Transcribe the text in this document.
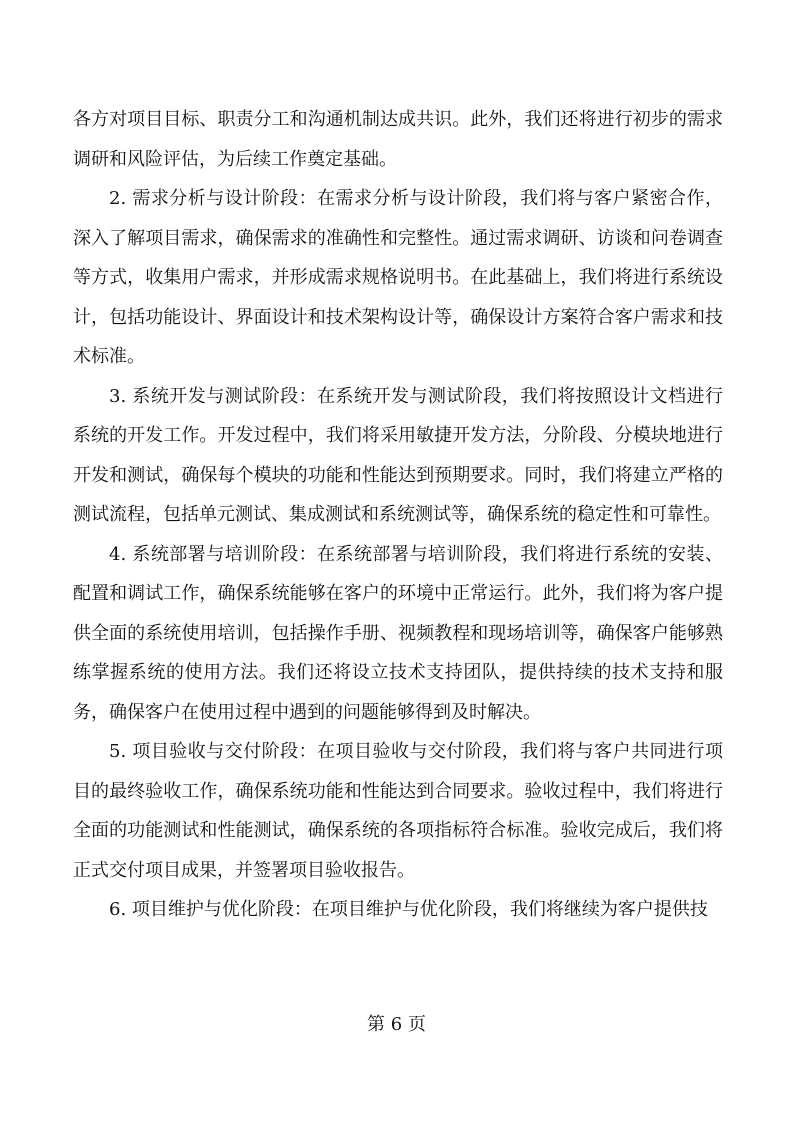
各方对项目目标、职责分工和沟通机制达成共识。此外，我们还将进行初步的需求调研和风险评估，为后续工作奠定基础。

2. 需求分析与设计阶段：在需求分析与设计阶段，我们将与客户紧密合作，深入了解项目需求，确保需求的准确性和完整性。通过需求调研、访谈和问卷调查等方式，收集用户需求，并形成需求规格说明书。在此基础上，我们将进行系统设计，包括功能设计、界面设计和技术架构设计等，确保设计方案符合客户需求和技术标准。

3. 系统开发与测试阶段：在系统开发与测试阶段，我们将按照设计文档进行系统的开发工作。开发过程中，我们将采用敏捷开发方法，分阶段、分模块地进行开发和测试，确保每个模块的功能和性能达到预期要求。同时，我们将建立严格的测试流程，包括单元测试、集成测试和系统测试等，确保系统的稳定性和可靠性。

4. 系统部署与培训阶段：在系统部署与培训阶段，我们将进行系统的安装、配置和调试工作，确保系统能够在客户的环境中正常运行。此外，我们将为客户提供全面的系统使用培训，包括操作手册、视频教程和现场培训等，确保客户能够熟练掌握系统的使用方法。我们还将设立技术支持团队，提供持续的技术支持和服务，确保客户在使用过程中遇到的问题能够得到及时解决。

5. 项目验收与交付阶段：在项目验收与交付阶段，我们将与客户共同进行项目的最终验收工作，确保系统功能和性能达到合同要求。验收过程中，我们将进行全面的功能测试和性能测试，确保系统的各项指标符合标准。验收完成后，我们将正式交付项目成果，并签署项目验收报告。

6. 项目维护与优化阶段：在项目维护与优化阶段，我们将继续为客户提供技

第 6 页
